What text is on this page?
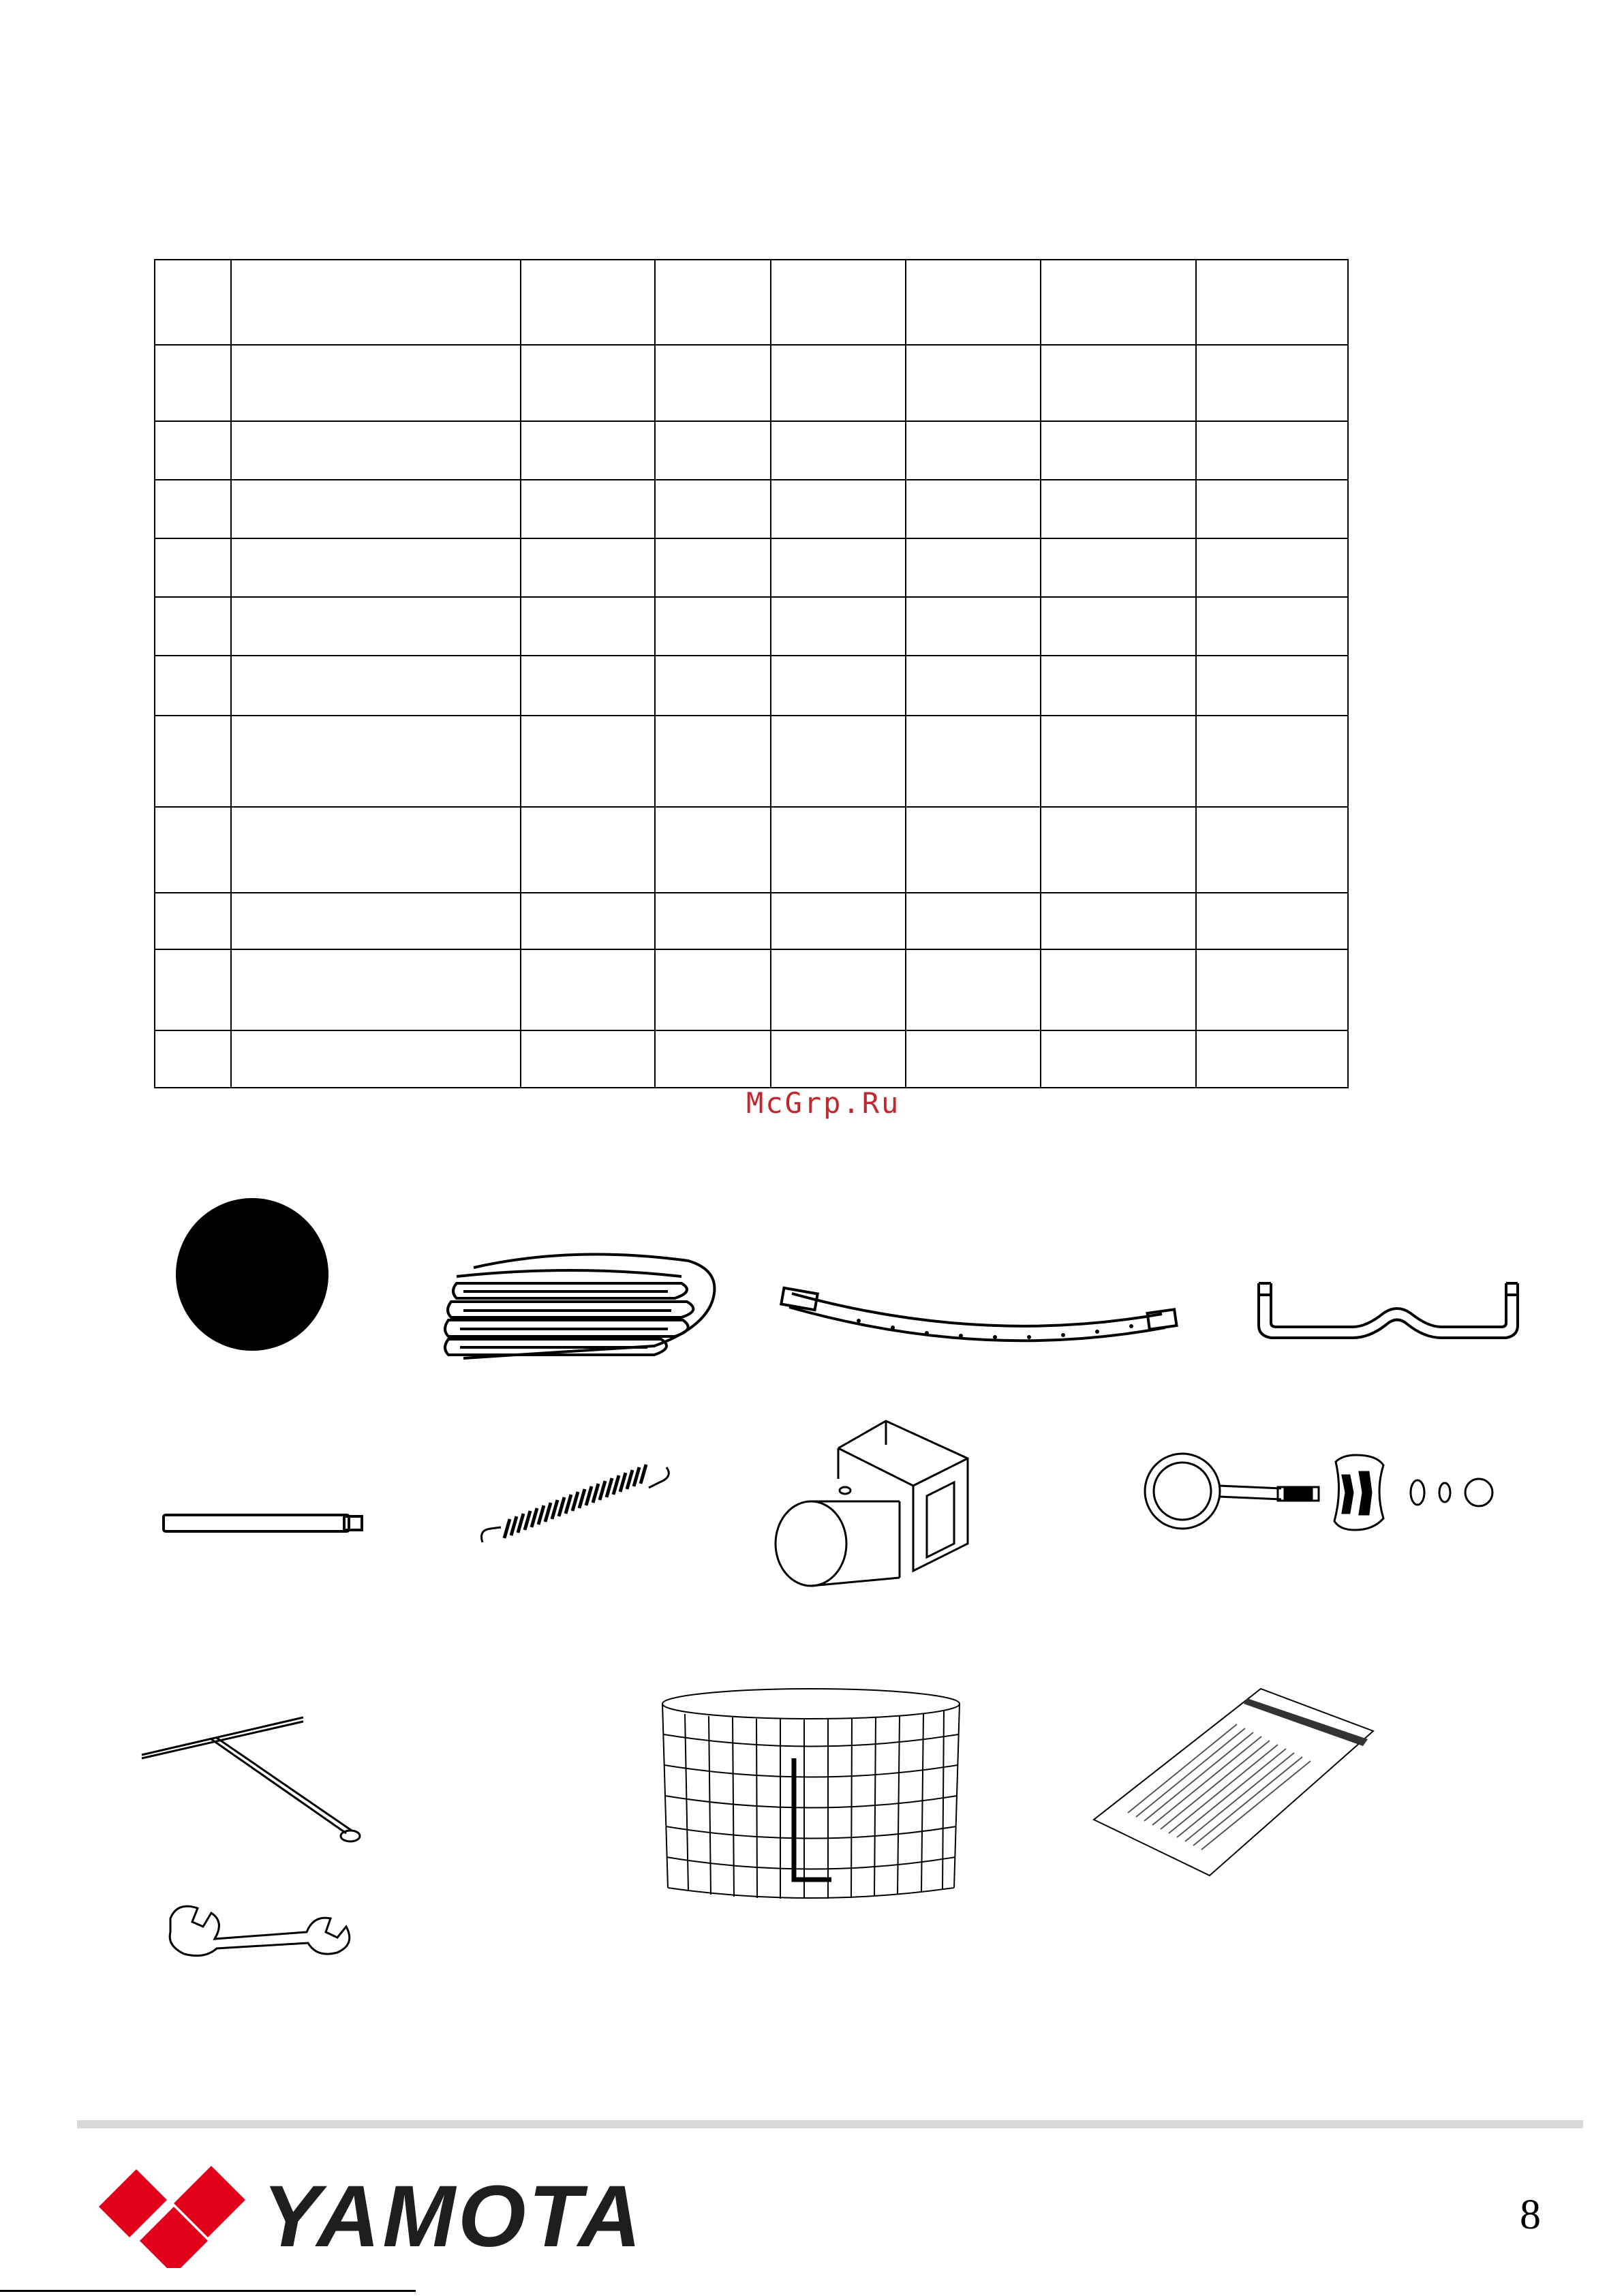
McGrp.Ru
YAMOTA	8
